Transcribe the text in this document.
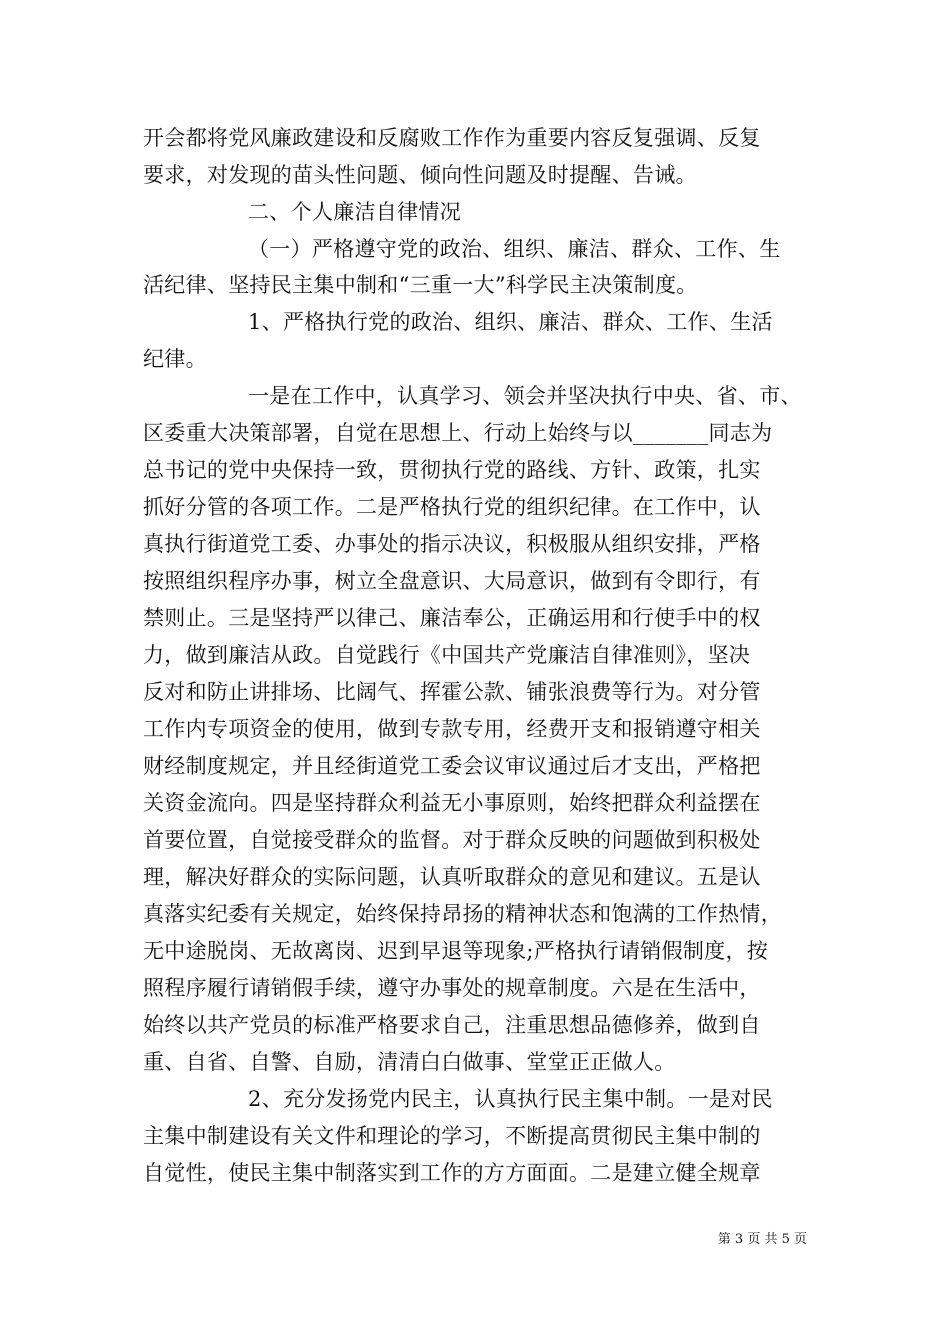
开会都将党风廉政建设和反腐败工作作为重要内容反复强调、反复
要求，对发现的苗头性问题、倾向性问题及时提醒、告诫。
二、个人廉洁自律情况
（一）严格遵守党的政治、组织、廉洁、群众、工作、生
活纪律、坚持民主集中制和“三重一大”科学民主决策制度。
1、严格执行党的政治、组织、廉洁、群众、工作、生活
纪律。
一是在工作中，认真学习、领会并坚决执行中央、省、市、
区委重大决策部署，自觉在思想上、行动上始终与以_______同志为
总书记的党中央保持一致，贯彻执行党的路线、方针、政策，扎实
抓好分管的各项工作。二是严格执行党的组织纪律。在工作中，认
真执行街道党工委、办事处的指示决议，积极服从组织安排，严格
按照组织程序办事，树立全盘意识、大局意识，做到有令即行，有
禁则止。三是坚持严以律己、廉洁奉公，正确运用和行使手中的权
力，做到廉洁从政。自觉践行《中国共产党廉洁自律准则》，坚决
反对和防止讲排场、比阔气、挥霍公款、铺张浪费等行为。对分管
工作内专项资金的使用，做到专款专用，经费开支和报销遵守相关
财经制度规定，并且经街道党工委会议审议通过后才支出，严格把
关资金流向。四是坚持群众利益无小事原则，始终把群众利益摆在
首要位置，自觉接受群众的监督。对于群众反映的问题做到积极处
理，解决好群众的实际问题，认真听取群众的意见和建议。五是认
真落实纪委有关规定，始终保持昂扬的精神状态和饱满的工作热情，
无中途脱岗、无故离岗、迟到早退等现象;严格执行请销假制度，按
照程序履行请销假手续，遵守办事处的规章制度。六是在生活中，
始终以共产党员的标准严格要求自己，注重思想品德修养，做到自
重、自省、自警、自励，清清白白做事、堂堂正正做人。
2、充分发扬党内民主，认真执行民主集中制。一是对民
主集中制建设有关文件和理论的学习，不断提高贯彻民主集中制的
自觉性，使民主集中制落实到工作的方方面面。二是建立健全规章
第 3 页 共 5 页
